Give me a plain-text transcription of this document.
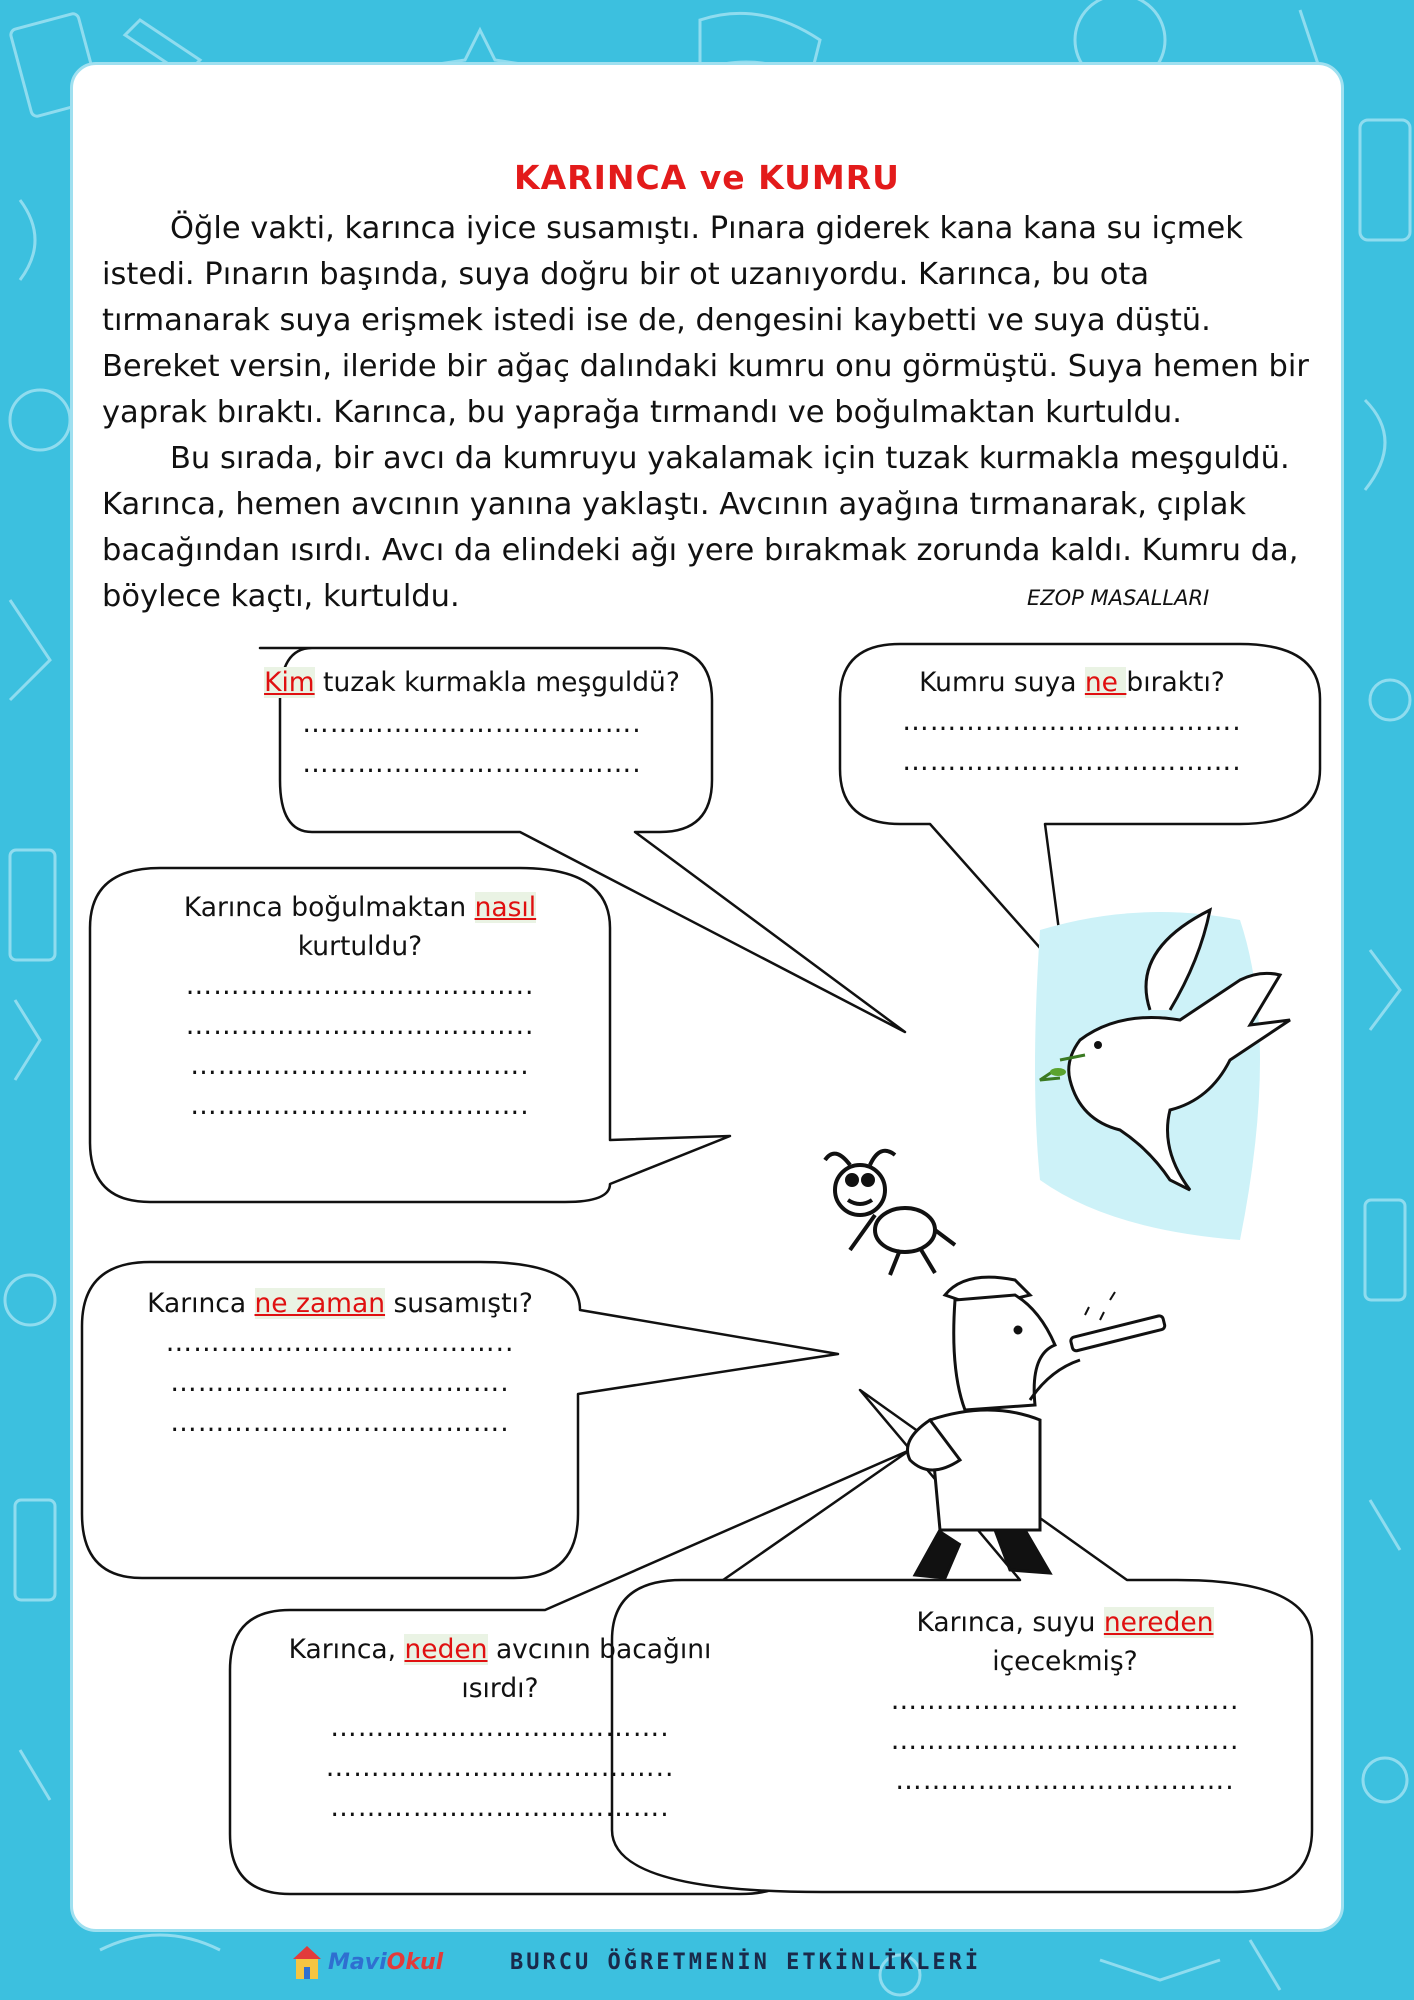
KARINCA ve KUMRU

Öğle vakti, karınca iyice susamıştı. Pınara giderek kana kana su içmek istedi. Pınarın başında, suya doğru bir ot uzanıyordu. Karınca, bu ota tırmanarak suya erişmek istedi ise de, dengesini kaybetti ve suya düştü. Bereket versin, ileride bir ağaç dalındaki kumru onu görmüştü. Suya hemen bir yaprak bıraktı. Karınca, bu yaprağa tırmandı ve boğulmaktan kurtuldu.

Bu sırada, bir avcı da kumruyu yakalamak için tuzak kurmakla meşguldü. Karınca, hemen avcının yanına yaklaştı. Avcının ayağına tırmanarak, çıplak bacağından ısırdı. Avcı da elindeki ağı yere bırakmak zorunda kaldı. Kumru da, böylece kaçtı, kurtuldu.	EZOP MASALLARI
Kim tuzak kurmakla meşguldü?
……………………………….
……………………………….
Kumru suya ne bıraktı?
……………………………….
……………………………….
Karınca boğulmaktan nasıl kurtuldu?
………………………………..
………………………………..
……………………………….
……………………………….
Karınca ne zaman susamıştı?
………………………………..
……………………………….
……………………………….
Karınca, neden avcının bacağını ısırdı?
……………………………….
………………………………..
……………………………….
Karınca, suyu nereden içecekmiş?
………………………………..
………………………………..
……………………………….
MaviOkul	BURCU ÖĞRETMENİN ETKİNLİKLERİ
